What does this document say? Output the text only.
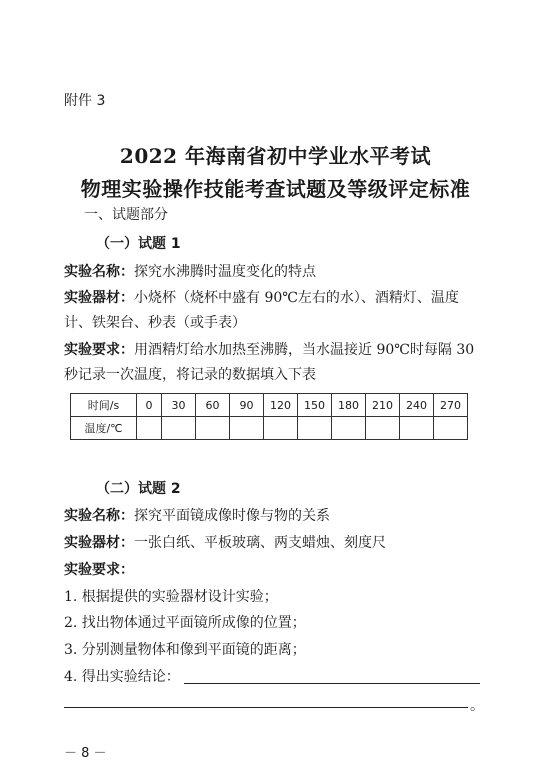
附件 3
2022 年海南省初中学业水平考试
物理实验操作技能考查试题及等级评定标准
一、试题部分
（一）试题 1
实验名称：探究水沸腾时温度变化的特点
实验器材：小烧杯（烧杯中盛有 90℃左右的水）、酒精灯、温度
计、铁架台、秒表（或手表）
实验要求：用酒精灯给水加热至沸腾，当水温接近 90℃时每隔 30
秒记录一次温度，将记录的数据填入下表
时间/s	0	30	60	90	120	150	180	210	240	270
温度/℃										
（二）试题 2
实验名称：探究平面镜成像时像与物的关系
实验器材：一张白纸、平板玻璃、两支蜡烛、刻度尺
实验要求：
1. 根据提供的实验器材设计实验；
2. 找出物体通过平面镜所成像的位置；
3. 分别测量物体和像到平面镜的距离；
4. 得出实验结论：
。
－ 8 －
